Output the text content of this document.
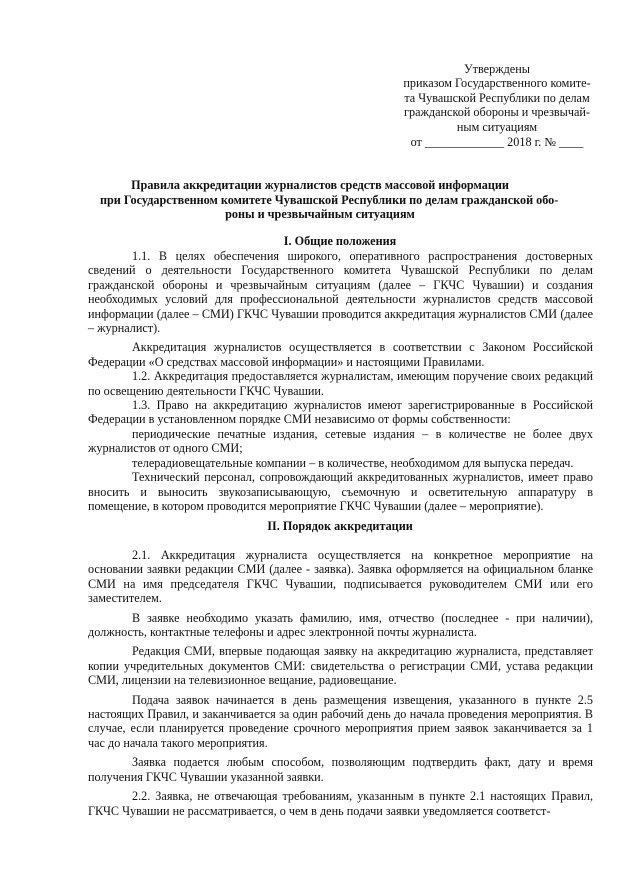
Утверждены
приказом Государственного комите-
та Чувашской Республики по делам
гражданской обороны и чрезвычай-
ным ситуациям
от _____________ 2018 г. № ____
Правила аккредитации журналистов средств массовой информации
при Государственном комитете Чувашской Республики по делам гражданской обо-
роны и чрезвычайным ситуациям
I. Общие положения

1.1. В целях обеспечения широкого, оперативного распространения достоверных сведений о деятельности Государственного комитета Чувашской Республики по делам гражданской обороны и чрезвычайным ситуациям (далее – ГКЧС Чувашии) и создания необходимых условий для профессиональной деятельности журналистов средств массовой информации (далее – СМИ) ГКЧС Чувашии проводится аккредитация журналистов СМИ (далее – журналист).

Аккредитация журналистов осуществляется в соответствии с Законом Российской Федерации «О средствах массовой информации» и настоящими Правилами.

1.2. Аккредитация предоставляется журналистам, имеющим поручение своих редакций по освещению деятельности ГКЧС Чувашии.

1.3. Право на аккредитацию журналистов имеют зарегистрированные в Российской Федерации в установленном порядке СМИ независимо от формы собственности:

периодические печатные издания, сетевые издания – в количестве не более двух журналистов от одного СМИ;

телерадиовещательные компании – в количестве, необходимом для выпуска передач.

Технический персонал, сопровождающий аккредитованных журналистов, имеет право вносить и выносить звукозаписывающую, съемочную и осветительную аппаратуру в помещение, в котором проводится мероприятие ГКЧС Чувашии (далее – мероприятие).

II. Порядок аккредитации

2.1. Аккредитация журналиста осуществляется на конкретное мероприятие на основании заявки редакции СМИ (далее - заявка). Заявка оформляется на официальном бланке СМИ на имя председателя ГКЧС Чувашии, подписывается руководителем СМИ или его заместителем.

В заявке необходимо указать фамилию, имя, отчество (последнее - при наличии), должность, контактные телефоны и адрес электронной почты журналиста.

Редакция СМИ, впервые подающая заявку на аккредитацию журналиста, представляет копии учредительных документов СМИ: свидетельства о регистрации СМИ, устава редакции СМИ, лицензии на телевизионное вещание, радиовещание.

Подача заявок начинается в день размещения извещения, указанного в пункте 2.5 настоящих Правил, и заканчивается за один рабочий день до начала проведения мероприятия. В случае, если планируется проведение срочного мероприятия прием заявок заканчивается за 1 час до начала такого мероприятия.

Заявка подается любым способом, позволяющим подтвердить факт, дату и время получения ГКЧС Чувашии указанной заявки.

2.2. Заявка, не отвечающая требованиям, указанным в пункте 2.1 настоящих Правил, ГКЧС Чувашии не рассматривается, о чем в день подачи заявки уведомляется соответст-
